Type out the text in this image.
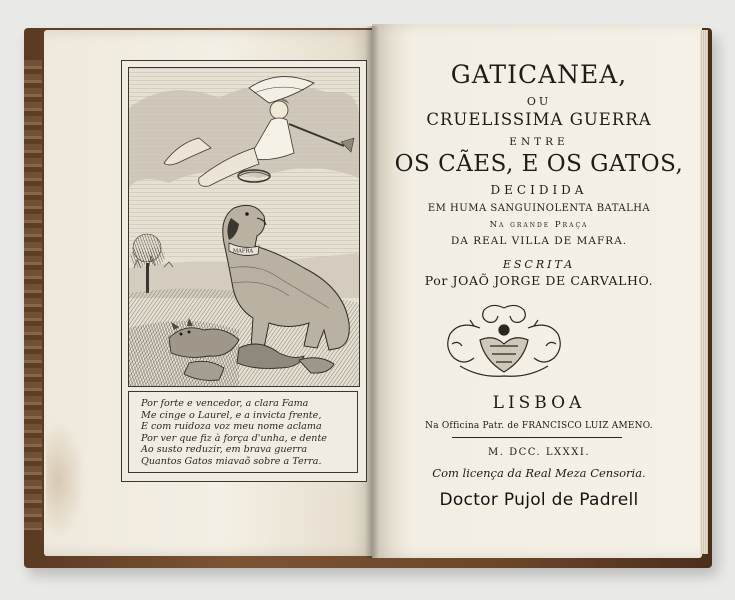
MAFRA
Por forte e vencedor, a clara Fama
Me cinge o Laurel, e a invicta frente,
E com ruidoza voz meu nome aclama
Por ver que fiz à força d'unha, e dente
Ao susto reduzir, em brava guerra
Quantos Gatos miavaõ sobre a Terra.
GATICANEA,
OU
CRUELISSIMA GUERRA
ENTRE
OS CÃES, E OS GATOS,
DECIDIDA
EM HUMA SANGUINOLENTA BATALHA
Na grande Praça
DA REAL VILLA DE MAFRA.
ESCRITA
Por JOAÕ JORGE DE CARVALHO.
LISBOA
Na Officina Patr. de FRANCISCO LUIZ AMENO.
M. DCC. LXXXI.
Com licença da Real Meza Censoria.
Doctor Pujol de Padrell
